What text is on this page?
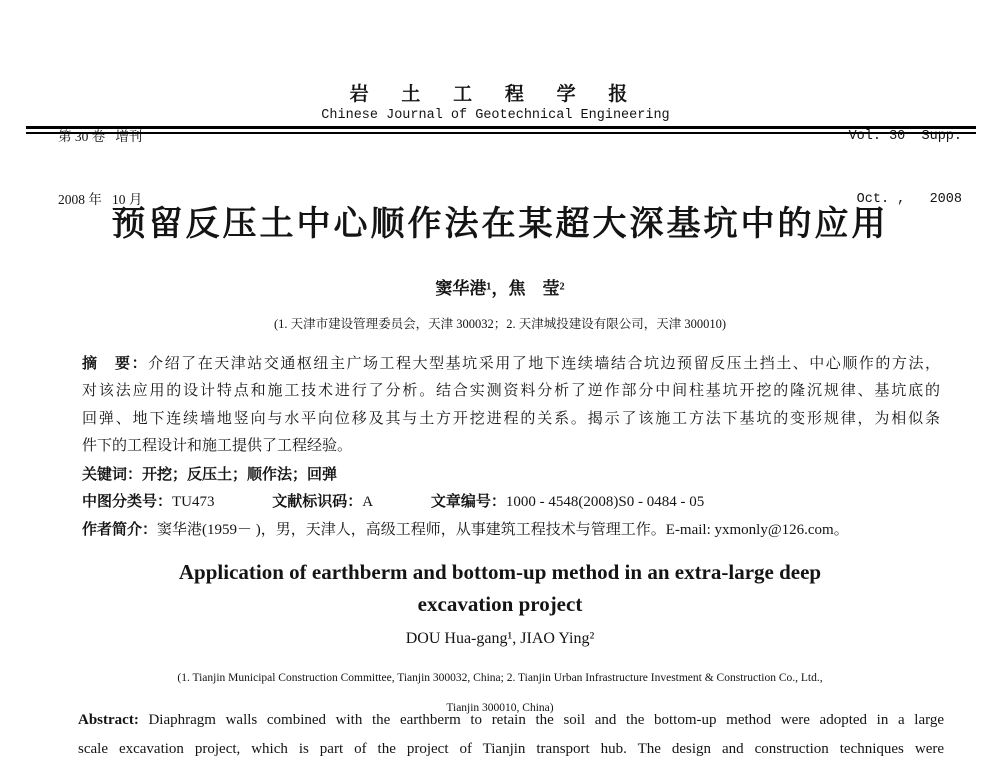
第 30 卷   增刊

2008 年   10 月

岩 土 工 程 学 报
Chinese Journal of Geotechnical Engineering

Vol. 30  Supp.

Oct. ,   2008

预留反压土中心顺作法在某超大深基坑中的应用
窦华港¹，焦　莹²
(1. 天津市建设管理委员会，天津 300032；2. 天津城投建设有限公司，天津 300010)
摘　要：介绍了在天津站交通枢纽主广场工程大型基坑采用了地下连续墙结合坑边预留反压土挡土、中心顺作的方法，
对该法应用的设计特点和施工技术进行了分析。结合实测资料分析了逆作部分中间柱基坑开挖的隆沉规律、基坑底的
回弹、地下连续墙地竖向与水平向位移及其与土方开挖进程的关系。揭示了该施工方法下基坑的变形规律，为相似条
件下的工程设计和施工提供了工程经验。
关键词：开挖；反压土；顺作法；回弹
中图分类号：TU473	文献标识码：A	文章编号：1000 - 4548(2008)S0 - 0484 - 05
作者简介：窦华港(1959－ )，男，天津人，高级工程师，从事建筑工程技术与管理工作。E-mail: yxmonly@126.com。
Application of earthberm and bottom-up method in an extra-large deep
excavation project
DOU Hua-gang¹, JIAO Ying²
(1. Tianjin Municipal Construction Committee, Tianjin 300032, China; 2. Tianjin Urban Infrastructure Investment & Construction Co., Ltd.,
Tianjin 300010, China)
Abstract: Diaphragm walls combined with the earthberm to retain the soil and the bottom-up method were adopted in a large
scale excavation project, which is part of the project of Tianjin transport hub. The design and construction techniques were
